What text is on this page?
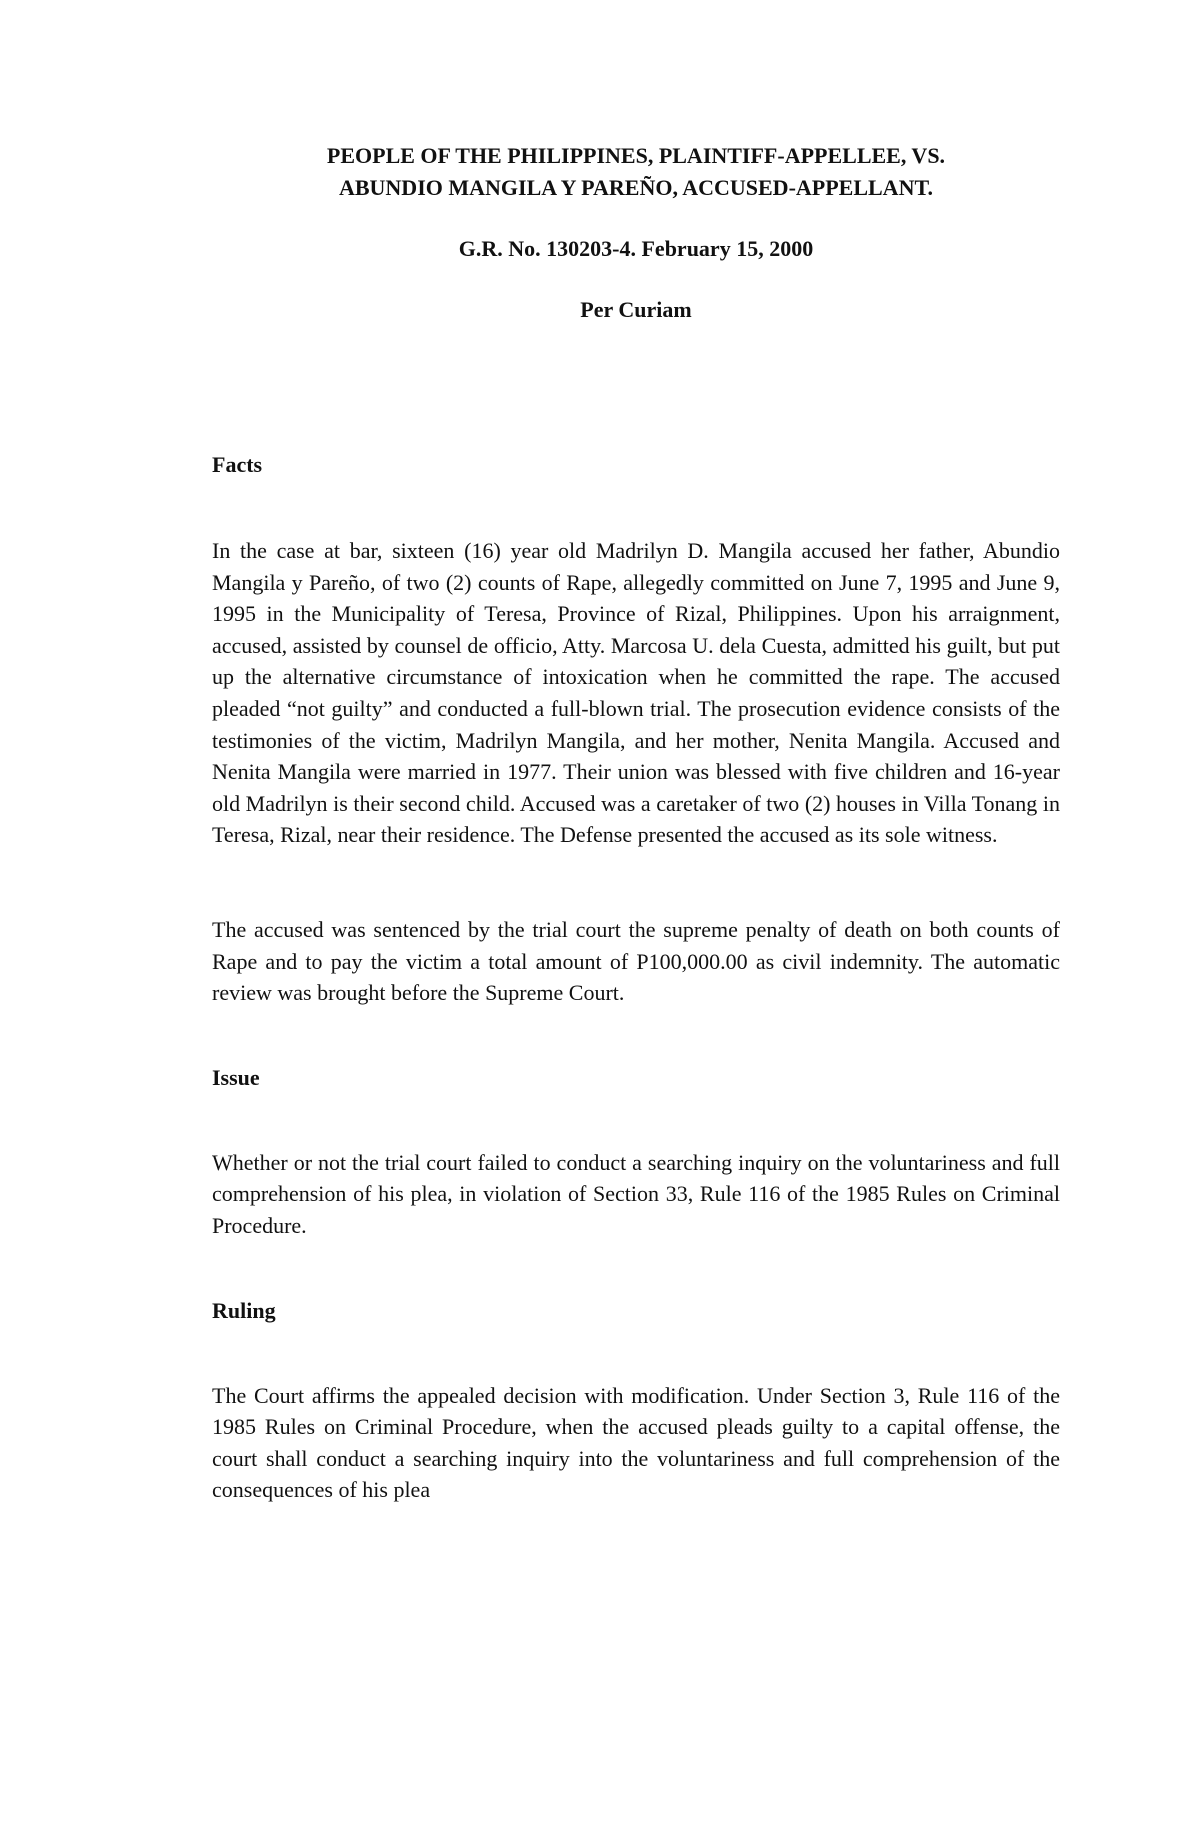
PEOPLE OF THE PHILIPPINES, PLAINTIFF-APPELLEE, VS.
ABUNDIO MANGILA Y PAREÑO, ACCUSED-APPELLANT.

G.R. No. 130203-4. February 15, 2000

Per Curiam

Facts

In the case at bar, sixteen (16) year old Madrilyn D. Mangila accused her father, Abundio Mangila y Pareño, of two (2) counts of Rape, allegedly committed on June 7, 1995 and June 9, 1995 in the Municipality of Teresa, Province of Rizal, Philippines. Upon his arraignment, accused, assisted by counsel de officio, Atty. Marcosa U. dela Cuesta, admitted his guilt, but put up the alternative circumstance of intoxication when he committed the rape. The accused pleaded “not guilty” and conducted a full-blown trial. The prosecution evidence consists of the testimonies of the victim, Madrilyn Mangila, and her mother, Nenita Mangila. Accused and Nenita Mangila were married in 1977. Their union was blessed with five children and 16-year old Madrilyn is their second child. Accused was a caretaker of two (2) houses in Villa Tonang in Teresa, Rizal, near their residence. The Defense presented the accused as its sole witness.

The accused was sentenced by the trial court the supreme penalty of death on both counts of Rape and to pay the victim a total amount of P100,000.00 as civil indemnity. The automatic review was brought before the Supreme Court.

Issue

Whether or not the trial court failed to conduct a searching inquiry on the voluntariness and full comprehension of his plea, in violation of Section 33, Rule 116 of the 1985 Rules on Criminal Procedure.

Ruling

The Court affirms the appealed decision with modification. Under Section 3, Rule 116 of the 1985 Rules on Criminal Procedure, when the accused pleads guilty to a capital offense, the court shall conduct a searching inquiry into the voluntariness and full comprehension of the consequences of his plea
